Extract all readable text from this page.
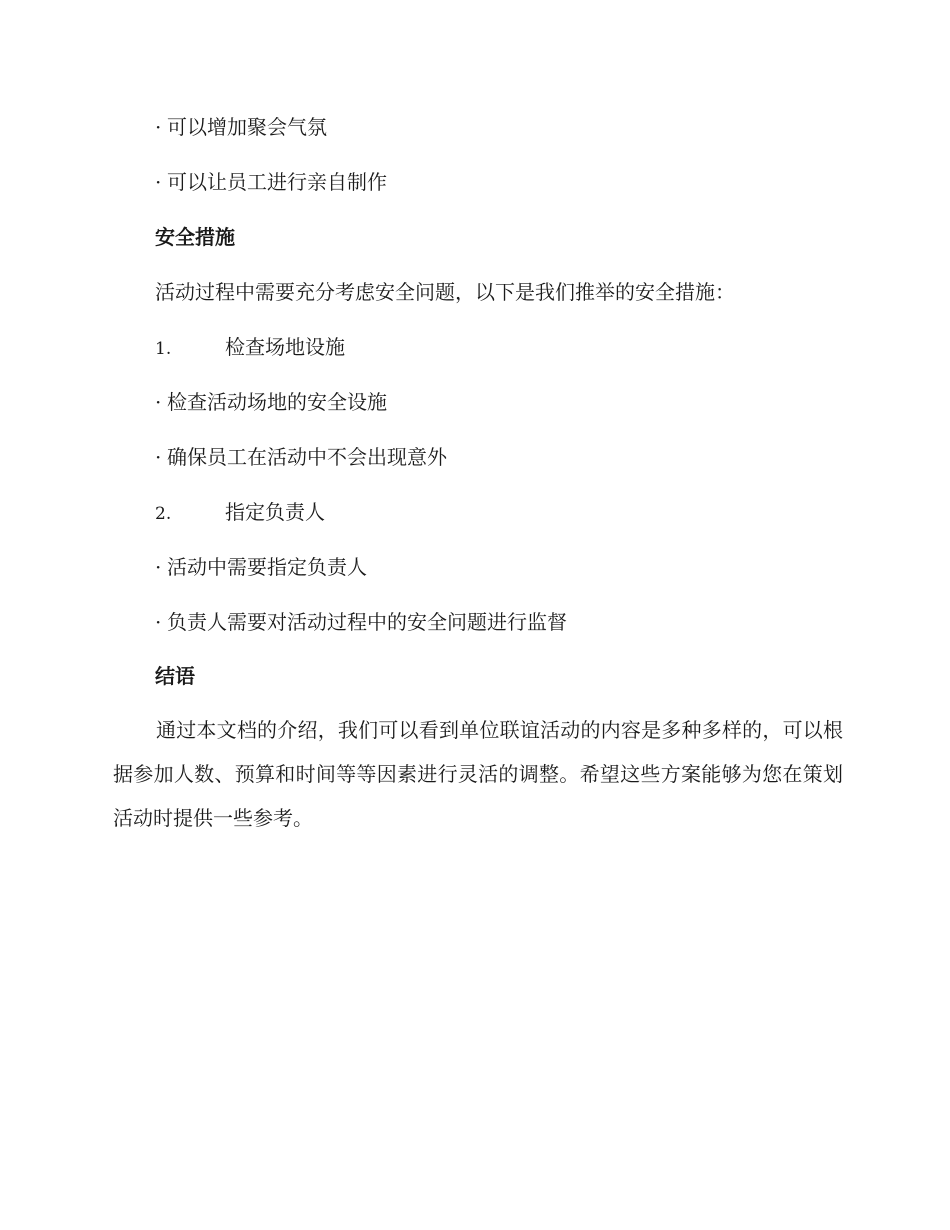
· 可以增加聚会气氛
· 可以让员工进行亲自制作
安全措施
活动过程中需要充分考虑安全问题，以下是我们推举的安全措施：
1.	检查场地设施
· 检查活动场地的安全设施
· 确保员工在活动中不会出现意外
2.	指定负责人
· 活动中需要指定负责人
· 负责人需要对活动过程中的安全问题进行监督
结语
通过本文档的介绍，我们可以看到单位联谊活动的内容是多种多样的，可以根据参加人数、预算和时间等等因素进行灵活的调整。希望这些方案能够为您在策划活动时提供一些参考。
